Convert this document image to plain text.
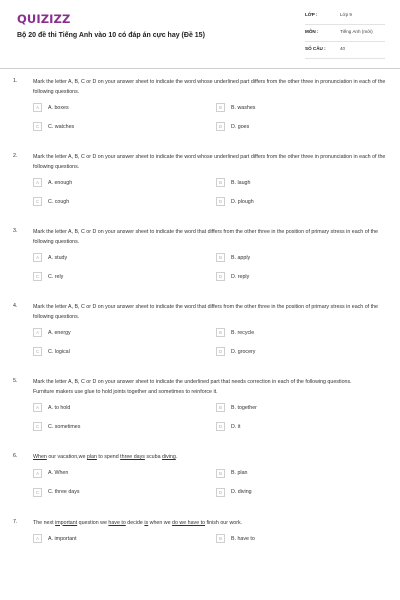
QUIZIZZ
Bộ 20 đề thi Tiếng Anh vào 10 có đáp án cực hay (Đề 15)
LỚP :	Lớp 9
MÔN :	Tiếng Anh (mới)
SỐ CÂU :	40
1.	Mark the letter A, B, C or D on your answer sheet to indicate the word whose underlined part differs from the other three in pronunciation in each of the following questions.
A	A. boxes	B	B. washes
C	C. watches	D	D. goes
2.	Mark the letter A, B, C or D on your answer sheet to indicate the word whose underlined part differs from the other three in pronunciation in each of the following questions.
A	A. enough	B	B. laugh
C	C. cough	D	D. plough
3.	Mark the letter A, B, C or D on your answer sheet to indicate the word that differs from the other three in the position of primary stress in each of the following questions.
A	A. study	B	B. apply
C	C. rely	D	D. reply
4.	Mark the letter A, B, C or D on your answer sheet to indicate the word that differs from the other three in the position of primary stress in each of the following questions.
A	A. energy	B	B. recycle
C	C. logical	D	D. grocery
5.	Mark the letter A, B, C or D on your answer sheet to indicate the underlined part that needs correction in each of the following questions.
Furniture makers use glue to hold joints together and sometimes to reinforce it.
A	A. to hold	B	B. together
C	C. sometimes	D	D. it
6.	When our vacation,we plan to spend three days scuba diving.
A	A. When	B	B. plan
C	C. three days	D	D. diving
7.	The next important question we have to decide is when we do we have to finish our work.
A	A. important	B	B. have to
